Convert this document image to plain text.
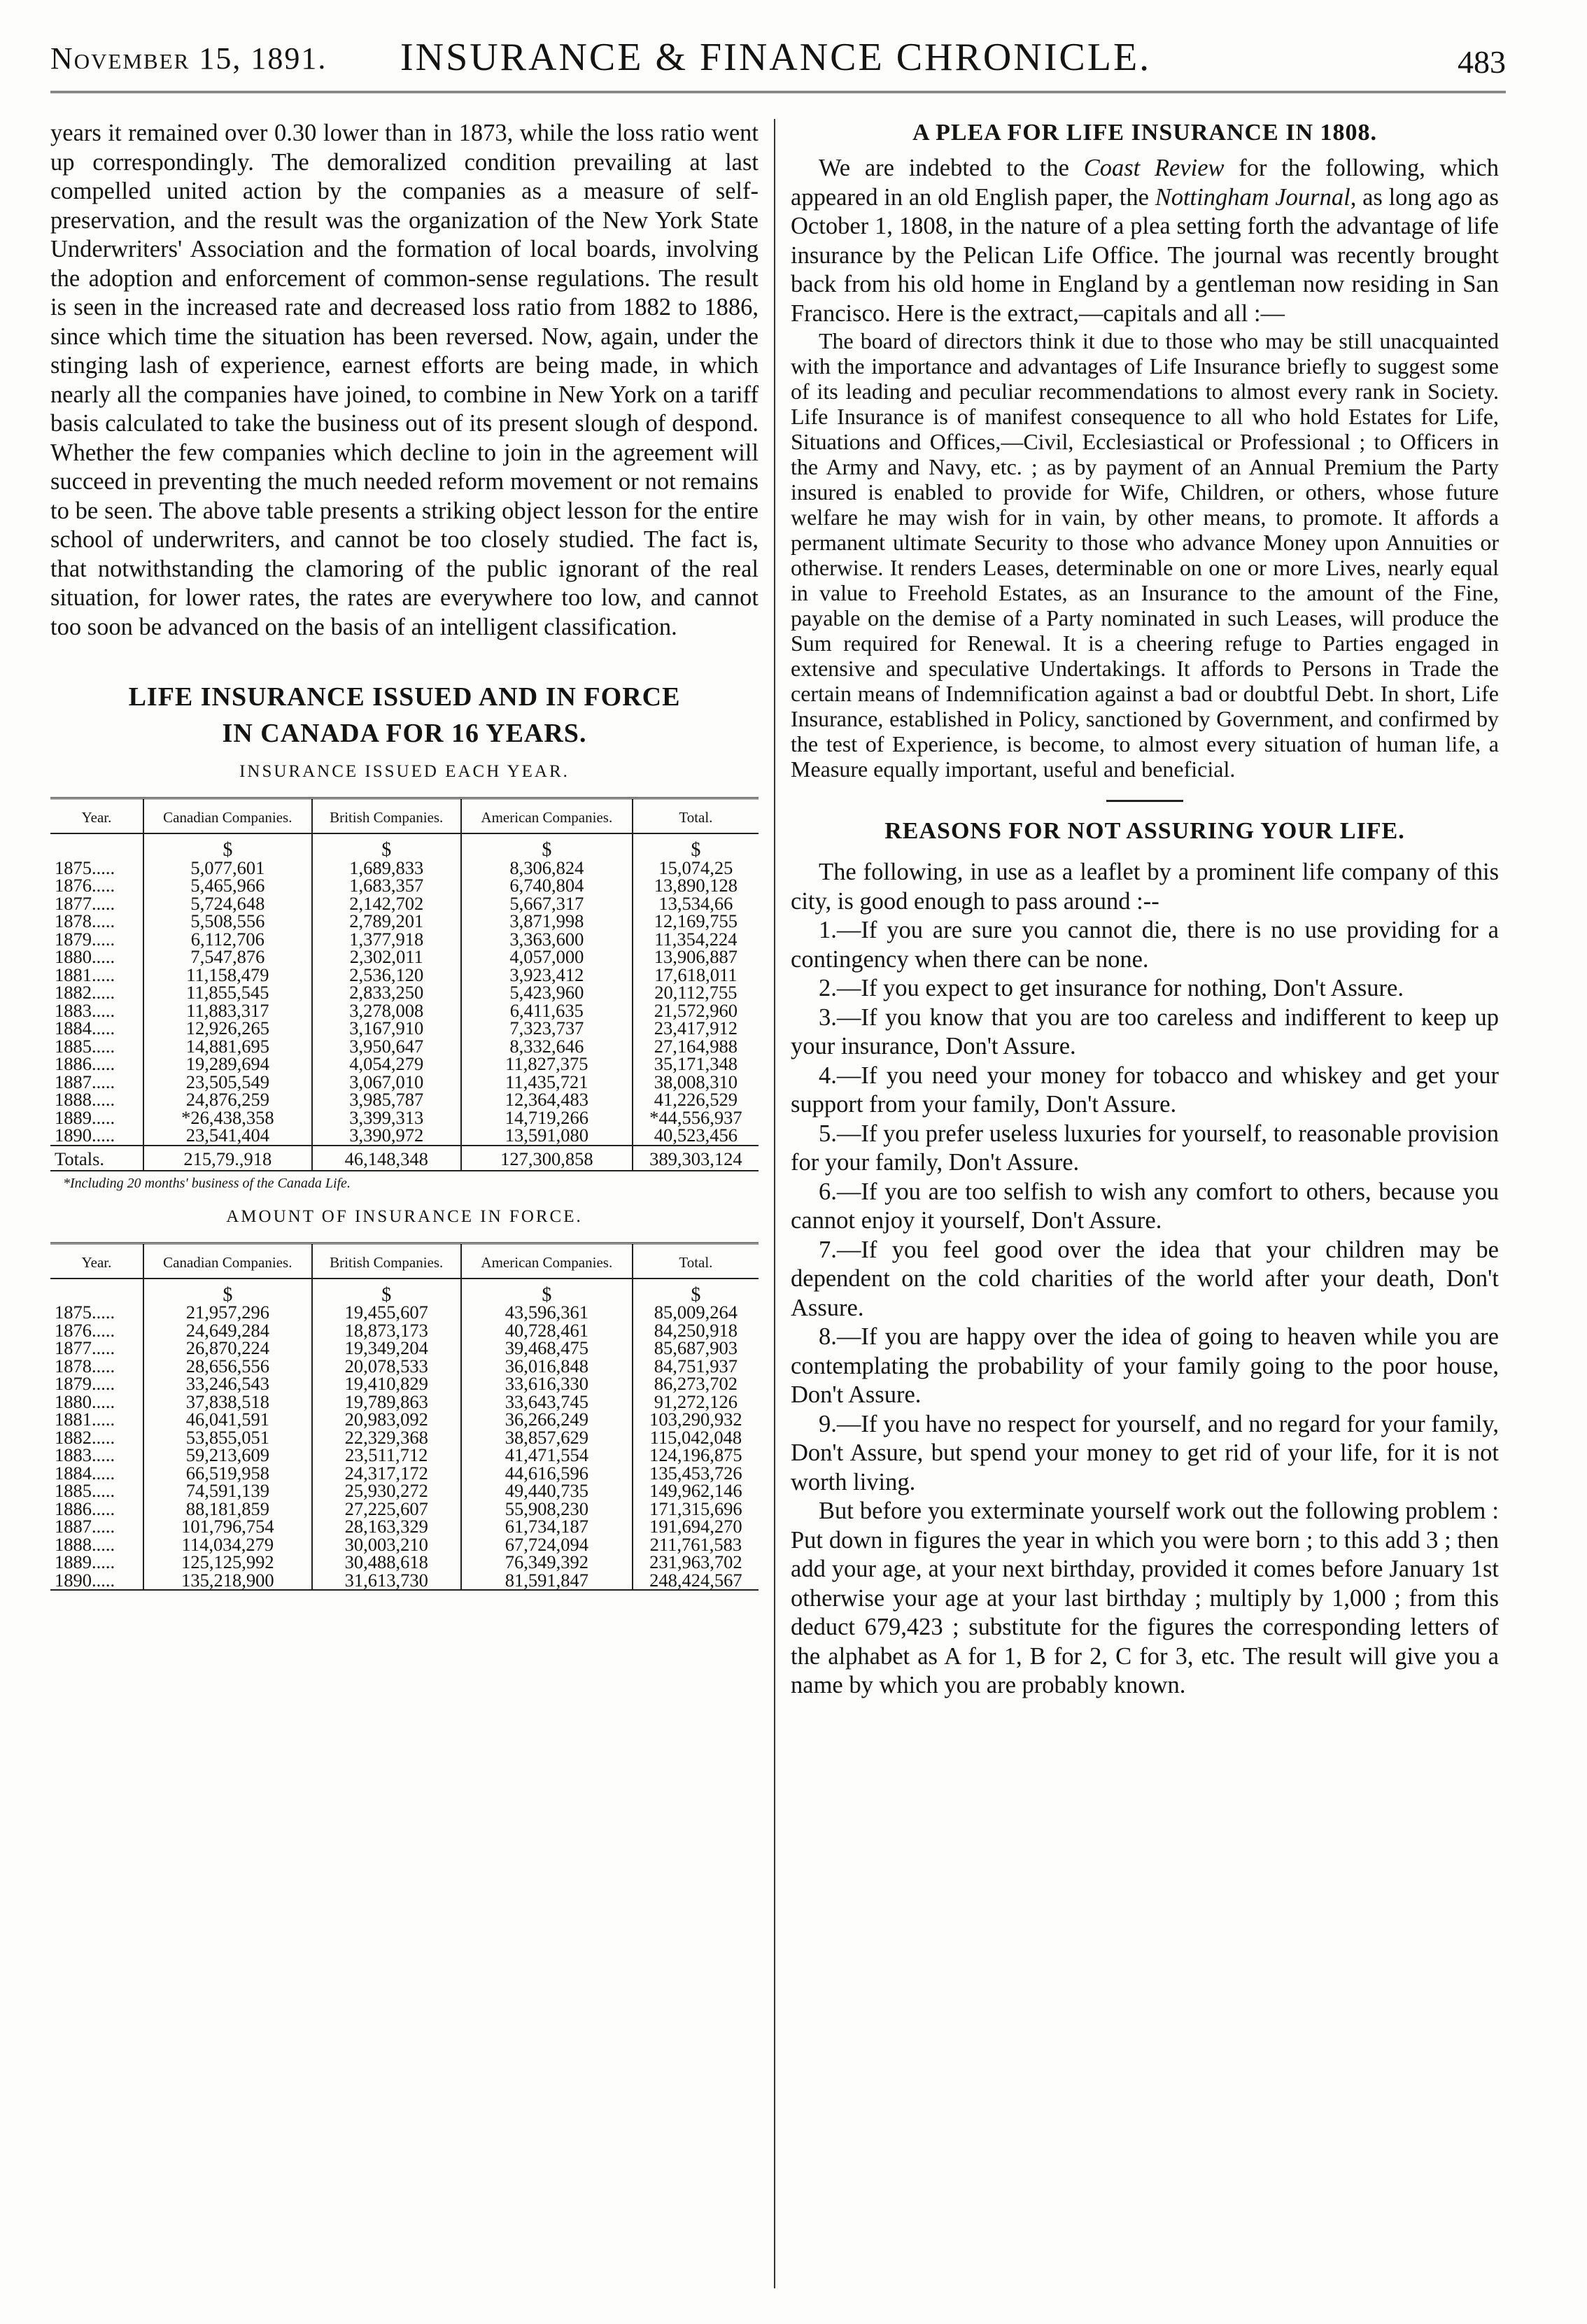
November 15, 1891. INSURANCE & FINANCE CHRONICLE.	483

years it remained over 0.30 lower than in 1873, while the loss ratio went up correspondingly. The demoralized condition prevailing at last compelled united action by the companies as a measure of self-preservation, and the result was the organization of the New York State Underwriters' Association and the formation of local boards, involving the adoption and enforcement of common-sense regulations. The result is seen in the increased rate and decreased loss ratio from 1882 to 1886, since which time the situation has been reversed. Now, again, under the stinging lash of experience, earnest efforts are being made, in which nearly all the companies have joined, to combine in New York on a tariff basis calculated to take the business out of its present slough of despond. Whether the few companies which decline to join in the agreement will succeed in preventing the much needed reform movement or not remains to be seen. The above table presents a striking object lesson for the entire school of underwriters, and cannot be too closely studied. The fact is, that notwithstanding the clamoring of the public ignorant of the real situation, for lower rates, the rates are everywhere too low, and cannot too soon be advanced on the basis of an intelligent classification.

LIFE INSURANCE ISSUED AND IN FORCE
IN CANADA FOR 16 YEARS.
INSURANCE ISSUED EACH YEAR.
Year.	Canadian Companies.	British Companies.	American Companies.	Total.
	$	$	$	$
1875.....	5,077,601	1,689,833	8,306,824	15,074,25
1876.....	5,465,966	1,683,357	6,740,804	13,890,128
1877.....	5,724,648	2,142,702	5,667,317	13,534,66
1878.....	5,508,556	2,789,201	3,871,998	12,169,755
1879.....	6,112,706	1,377,918	3,363,600	11,354,224
1880.....	7,547,876	2,302,011	4,057,000	13,906,887
1881.....	11,158,479	2,536,120	3,923,412	17,618,011
1882.....	11,855,545	2,833,250	5,423,960	20,112,755
1883.....	11,883,317	3,278,008	6,411,635	21,572,960
1884.....	12,926,265	3,167,910	7,323,737	23,417,912
1885.....	14,881,695	3,950,647	8,332,646	27,164,988
1886.....	19,289,694	4,054,279	11,827,375	35,171,348
1887.....	23,505,549	3,067,010	11,435,721	38,008,310
1888.....	24,876,259	3,985,787	12,364,483	41,226,529
1889.....	*26,438,358	3,399,313	14,719,266	*44,556,937
1890.....	23,541,404	3,390,972	13,591,080	40,523,456
Totals.	215,79.,918	46,148,348	127,300,858	389,303,124
*Including 20 months' business of the Canada Life.
AMOUNT OF INSURANCE IN FORCE.
Year.	Canadian Companies.	British Companies.	American Companies.	Total.
	$	$	$	$
1875.....	21,957,296	19,455,607	43,596,361	85,009,264
1876.....	24,649,284	18,873,173	40,728,461	84,250,918
1877.....	26,870,224	19,349,204	39,468,475	85,687,903
1878.....	28,656,556	20,078,533	36,016,848	84,751,937
1879.....	33,246,543	19,410,829	33,616,330	86,273,702
1880.....	37,838,518	19,789,863	33,643,745	91,272,126
1881.....	46,041,591	20,983,092	36,266,249	103,290,932
1882.....	53,855,051	22,329,368	38,857,629	115,042,048
1883.....	59,213,609	23,511,712	41,471,554	124,196,875
1884.....	66,519,958	24,317,172	44,616,596	135,453,726
1885.....	74,591,139	25,930,272	49,440,735	149,962,146
1886.....	88,181,859	27,225,607	55,908,230	171,315,696
1887.....	101,796,754	28,163,329	61,734,187	191,694,270
1888.....	114,034,279	30,003,210	67,724,094	211,761,583
1889.....	125,125,992	30,488,618	76,349,392	231,963,702
1890.....	135,218,900	31,613,730	81,591,847	248,424,567
A PLEA FOR LIFE INSURANCE IN 1808.

We are indebted to the Coast Review for the following, which appeared in an old English paper, the Nottingham Journal, as long ago as October 1, 1808, in the nature of a plea setting forth the advantage of life insurance by the Pelican Life Office. The journal was recently brought back from his old home in England by a gentleman now residing in San Francisco. Here is the extract,—capitals and all :—

The board of directors think it due to those who may be still unacquainted with the importance and advantages of Life Insurance briefly to suggest some of its leading and peculiar recommendations to almost every rank in Society. Life Insurance is of manifest consequence to all who hold Estates for Life, Situations and Offices,—Civil, Ecclesiastical or Professional ; to Officers in the Army and Navy, etc. ; as by payment of an Annual Premium the Party insured is enabled to provide for Wife, Children, or others, whose future welfare he may wish for in vain, by other means, to promote. It affords a permanent ultimate Security to those who advance Money upon Annuities or otherwise. It renders Leases, determinable on one or more Lives, nearly equal in value to Freehold Estates, as an Insurance to the amount of the Fine, payable on the demise of a Party nominated in such Leases, will produce the Sum required for Renewal. It is a cheering refuge to Parties engaged in extensive and speculative Undertakings. It affords to Persons in Trade the certain means of Indemnification against a bad or doubtful Debt. In short, Life Insurance, established in Policy, sanctioned by Government, and confirmed by the test of Experience, is become, to almost every situation of human life, a Measure equally important, useful and beneficial.

REASONS FOR NOT ASSURING YOUR LIFE.

The following, in use as a leaflet by a prominent life company of this city, is good enough to pass around :--

1.—If you are sure you cannot die, there is no use providing for a contingency when there can be none.

2.—If you expect to get insurance for nothing, Don't Assure.

3.—If you know that you are too careless and indifferent to keep up your insurance, Don't Assure.

4.—If you need your money for tobacco and whiskey and get your support from your family, Don't Assure.

5.—If you prefer useless luxuries for yourself, to reasonable provision for your family, Don't Assure.

6.—If you are too selfish to wish any comfort to others, because you cannot enjoy it yourself, Don't Assure.

7.—If you feel good over the idea that your children may be dependent on the cold charities of the world after your death, Don't Assure.

8.—If you are happy over the idea of going to heaven while you are contemplating the probability of your family going to the poor house, Don't Assure.

9.—If you have no respect for yourself, and no regard for your family, Don't Assure, but spend your money to get rid of your life, for it is not worth living.

But before you exterminate yourself work out the following problem : Put down in figures the year in which you were born ; to this add 3 ; then add your age, at your next birthday, provided it comes before January 1st otherwise your age at your last birthday ; multiply by 1,000 ; from this deduct 679,423 ; substitute for the figures the corresponding letters of the alphabet as A for 1, B for 2, C for 3, etc. The result will give you a name by which you are probably known.
